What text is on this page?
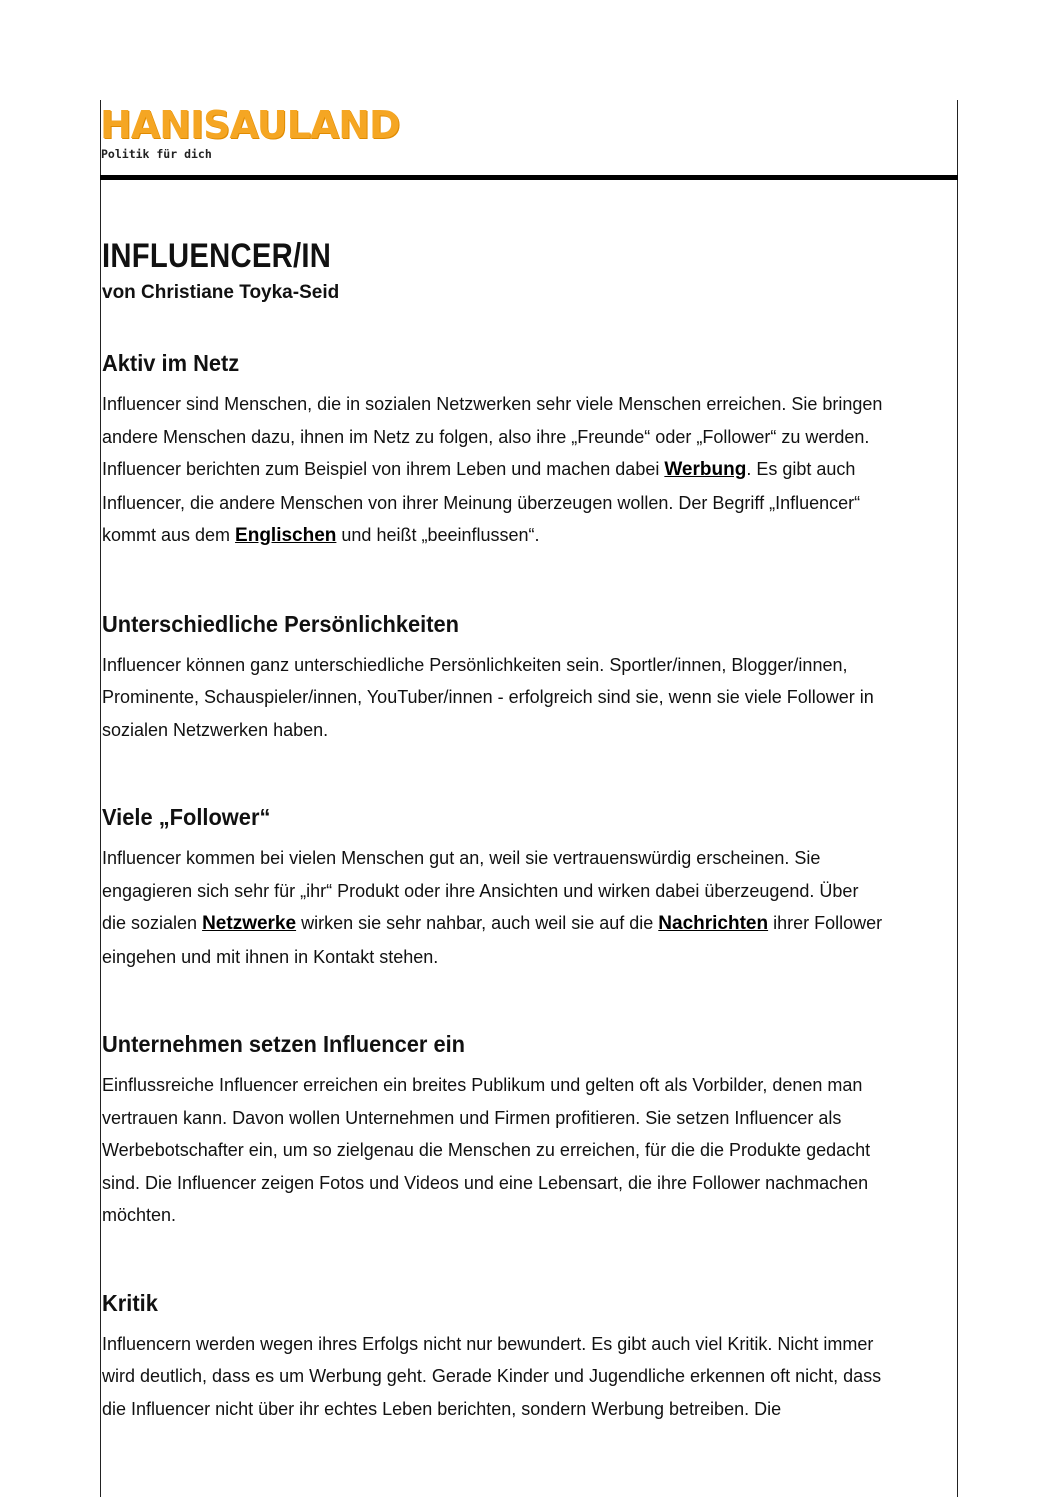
HANISAULAND
Politik für dich
INFLUENCER/IN
von Christiane Toyka-Seid
Aktiv im Netz

Influencer sind Menschen, die in sozialen Netzwerken sehr viele Menschen erreichen. Sie bringen
andere Menschen dazu, ihnen im Netz zu folgen, also ihre „Freunde“ oder „Follower“ zu werden.
Influencer berichten zum Beispiel von ihrem Leben und machen dabei Werbung. Es gibt auch
Influencer, die andere Menschen von ihrer Meinung überzeugen wollen. Der Begriff „Influencer“
kommt aus dem Englischen und heißt „beeinflussen“.

Unterschiedliche Persönlichkeiten

Influencer können ganz unterschiedliche Persönlichkeiten sein. Sportler/innen, Blogger/innen,
Prominente, Schauspieler/innen, YouTuber/innen - erfolgreich sind sie, wenn sie viele Follower in
sozialen Netzwerken haben.

Viele „Follower“

Influencer kommen bei vielen Menschen gut an, weil sie vertrauenswürdig erscheinen. Sie
engagieren sich sehr für „ihr“ Produkt oder ihre Ansichten und wirken dabei überzeugend. Über
die sozialen Netzwerke wirken sie sehr nahbar, auch weil sie auf die Nachrichten ihrer Follower
eingehen und mit ihnen in Kontakt stehen.

Unternehmen setzen Influencer ein

Einflussreiche Influencer erreichen ein breites Publikum und gelten oft als Vorbilder, denen man
vertrauen kann. Davon wollen Unternehmen und Firmen profitieren. Sie setzen Influencer als
Werbebotschafter ein, um so zielgenau die Menschen zu erreichen, für die die Produkte gedacht
sind. Die Influencer zeigen Fotos und Videos und eine Lebensart, die ihre Follower nachmachen
möchten.

Kritik

Influencern werden wegen ihres Erfolgs nicht nur bewundert. Es gibt auch viel Kritik. Nicht immer
wird deutlich, dass es um Werbung geht. Gerade Kinder und Jugendliche erkennen oft nicht, dass
die Influencer nicht über ihr echtes Leben berichten, sondern Werbung betreiben. Die
